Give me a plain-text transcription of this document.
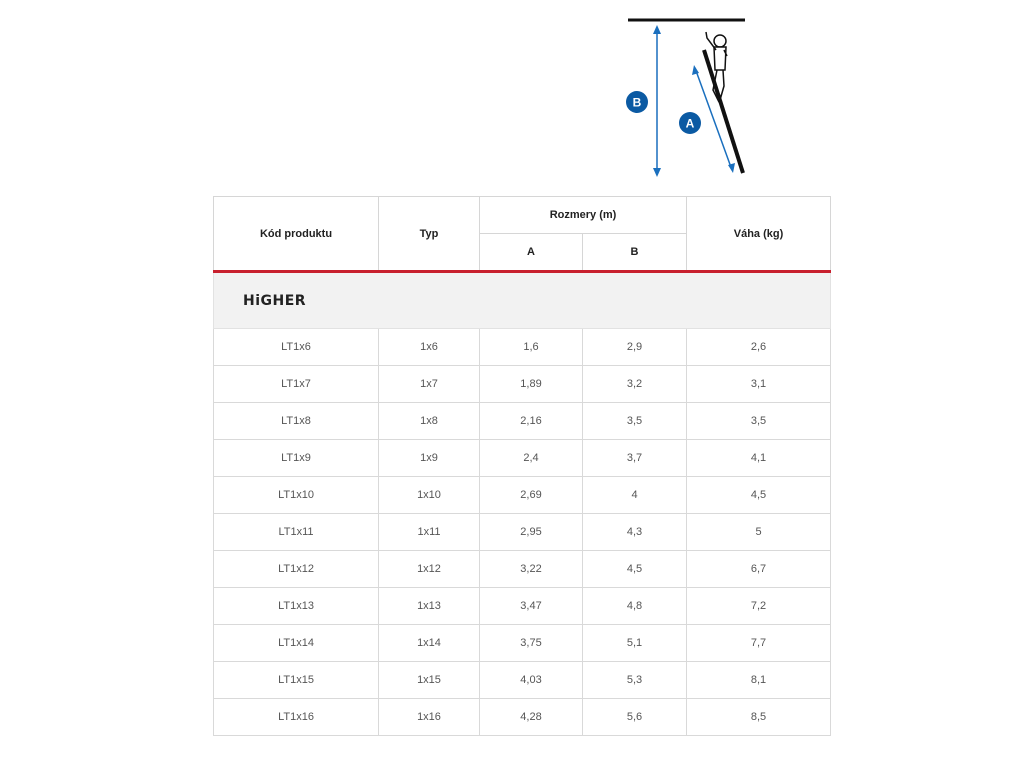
B
A
Kód produktu	Typ	Rozmery (m)		Váha (kg)
		A	B	
HiGHER				
LT1x6	1x6	1,6	2,9	2,6
LT1x7	1x7	1,89	3,2	3,1
LT1x8	1x8	2,16	3,5	3,5
LT1x9	1x9	2,4	3,7	4,1
LT1x10	1x10	2,69	4	4,5
LT1x11	1x11	2,95	4,3	5
LT1x12	1x12	3,22	4,5	6,7
LT1x13	1x13	3,47	4,8	7,2
LT1x14	1x14	3,75	5,1	7,7
LT1x15	1x15	4,03	5,3	8,1
LT1x16	1x16	4,28	5,6	8,5
